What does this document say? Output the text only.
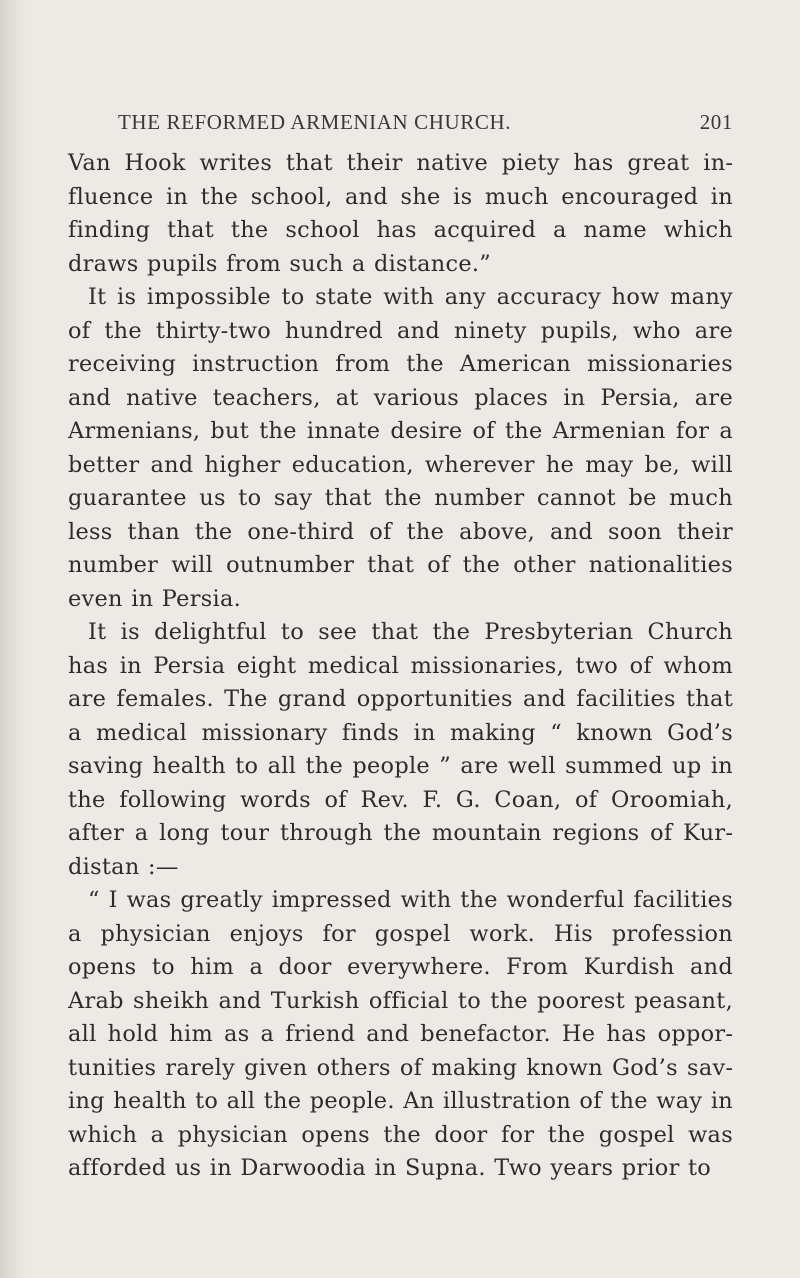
THE REFORMED ARMENIAN CHURCH.	201

Van Hook writes that their native piety has great influence in the school, and she is much encouraged in finding that the school has acquired a name which draws pupils from such a distance.”

It is impossible to state with any accuracy how many of the thirty-two hundred and ninety pupils, who are receiving instruction from the American missionaries and native teachers, at various places in Persia, are Armenians, but the innate desire of the Armenian for a better and higher education, wherever he may be, will guarantee us to say that the number cannot be much less than the one-third of the above, and soon their number will outnumber that of the other nationalities even in Persia.

It is delightful to see that the Presbyterian Church has in Persia eight medical missionaries, two of whom are females. The grand opportunities and facilities that a medical missionary finds in making “ known God’s saving health to all the people ” are well summed up in the following words of Rev. F. G. Coan, of Oroomiah, after a long tour through the mountain regions of Kurdistan :—

“ I was greatly impressed with the wonderful facilities a physician enjoys for gospel work. His profession opens to him a door everywhere. From Kurdish and Arab sheikh and Turkish official to the poorest peasant, all hold him as a friend and benefactor. He has opportunities rarely given others of making known God’s saving health to all the people. An illustration of the way in which a physician opens the door for the gospel was afforded us in Darwoodia in Supna. Two years prior to
